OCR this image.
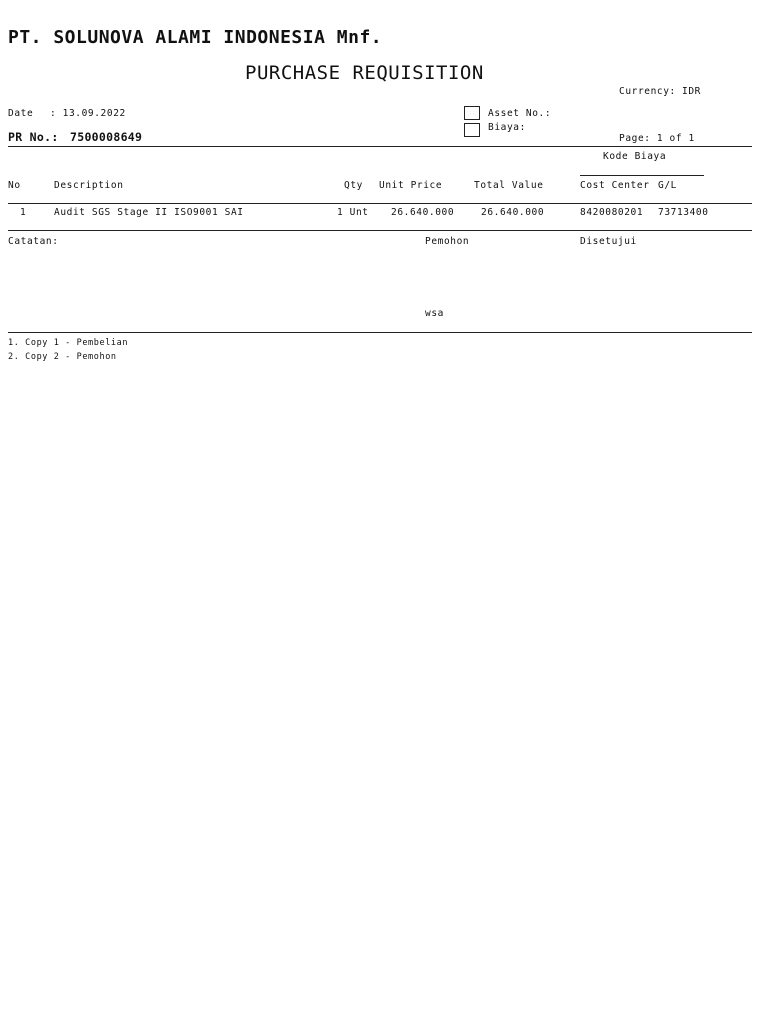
PT. SOLUNOVA ALAMI INDONESIA Mnf.
PURCHASE REQUISITION
Currency: IDR
Date : 13.09.2022	Asset No.:
Biaya:
PR No.: 7500008649	Page: 1 of 1
Kode Biaya
No	Description	Qty Unit Price	Total Value	Cost Center G/L
1	Audit SGS Stage II ISO9001 SAI	1 Unt 26.640.000	26.640.000	8420080201 73713400
Catatan:	Pemohon	Disetujui
wsa
1. Copy 1 - Pembelian
2. Copy 2 - Pemohon
